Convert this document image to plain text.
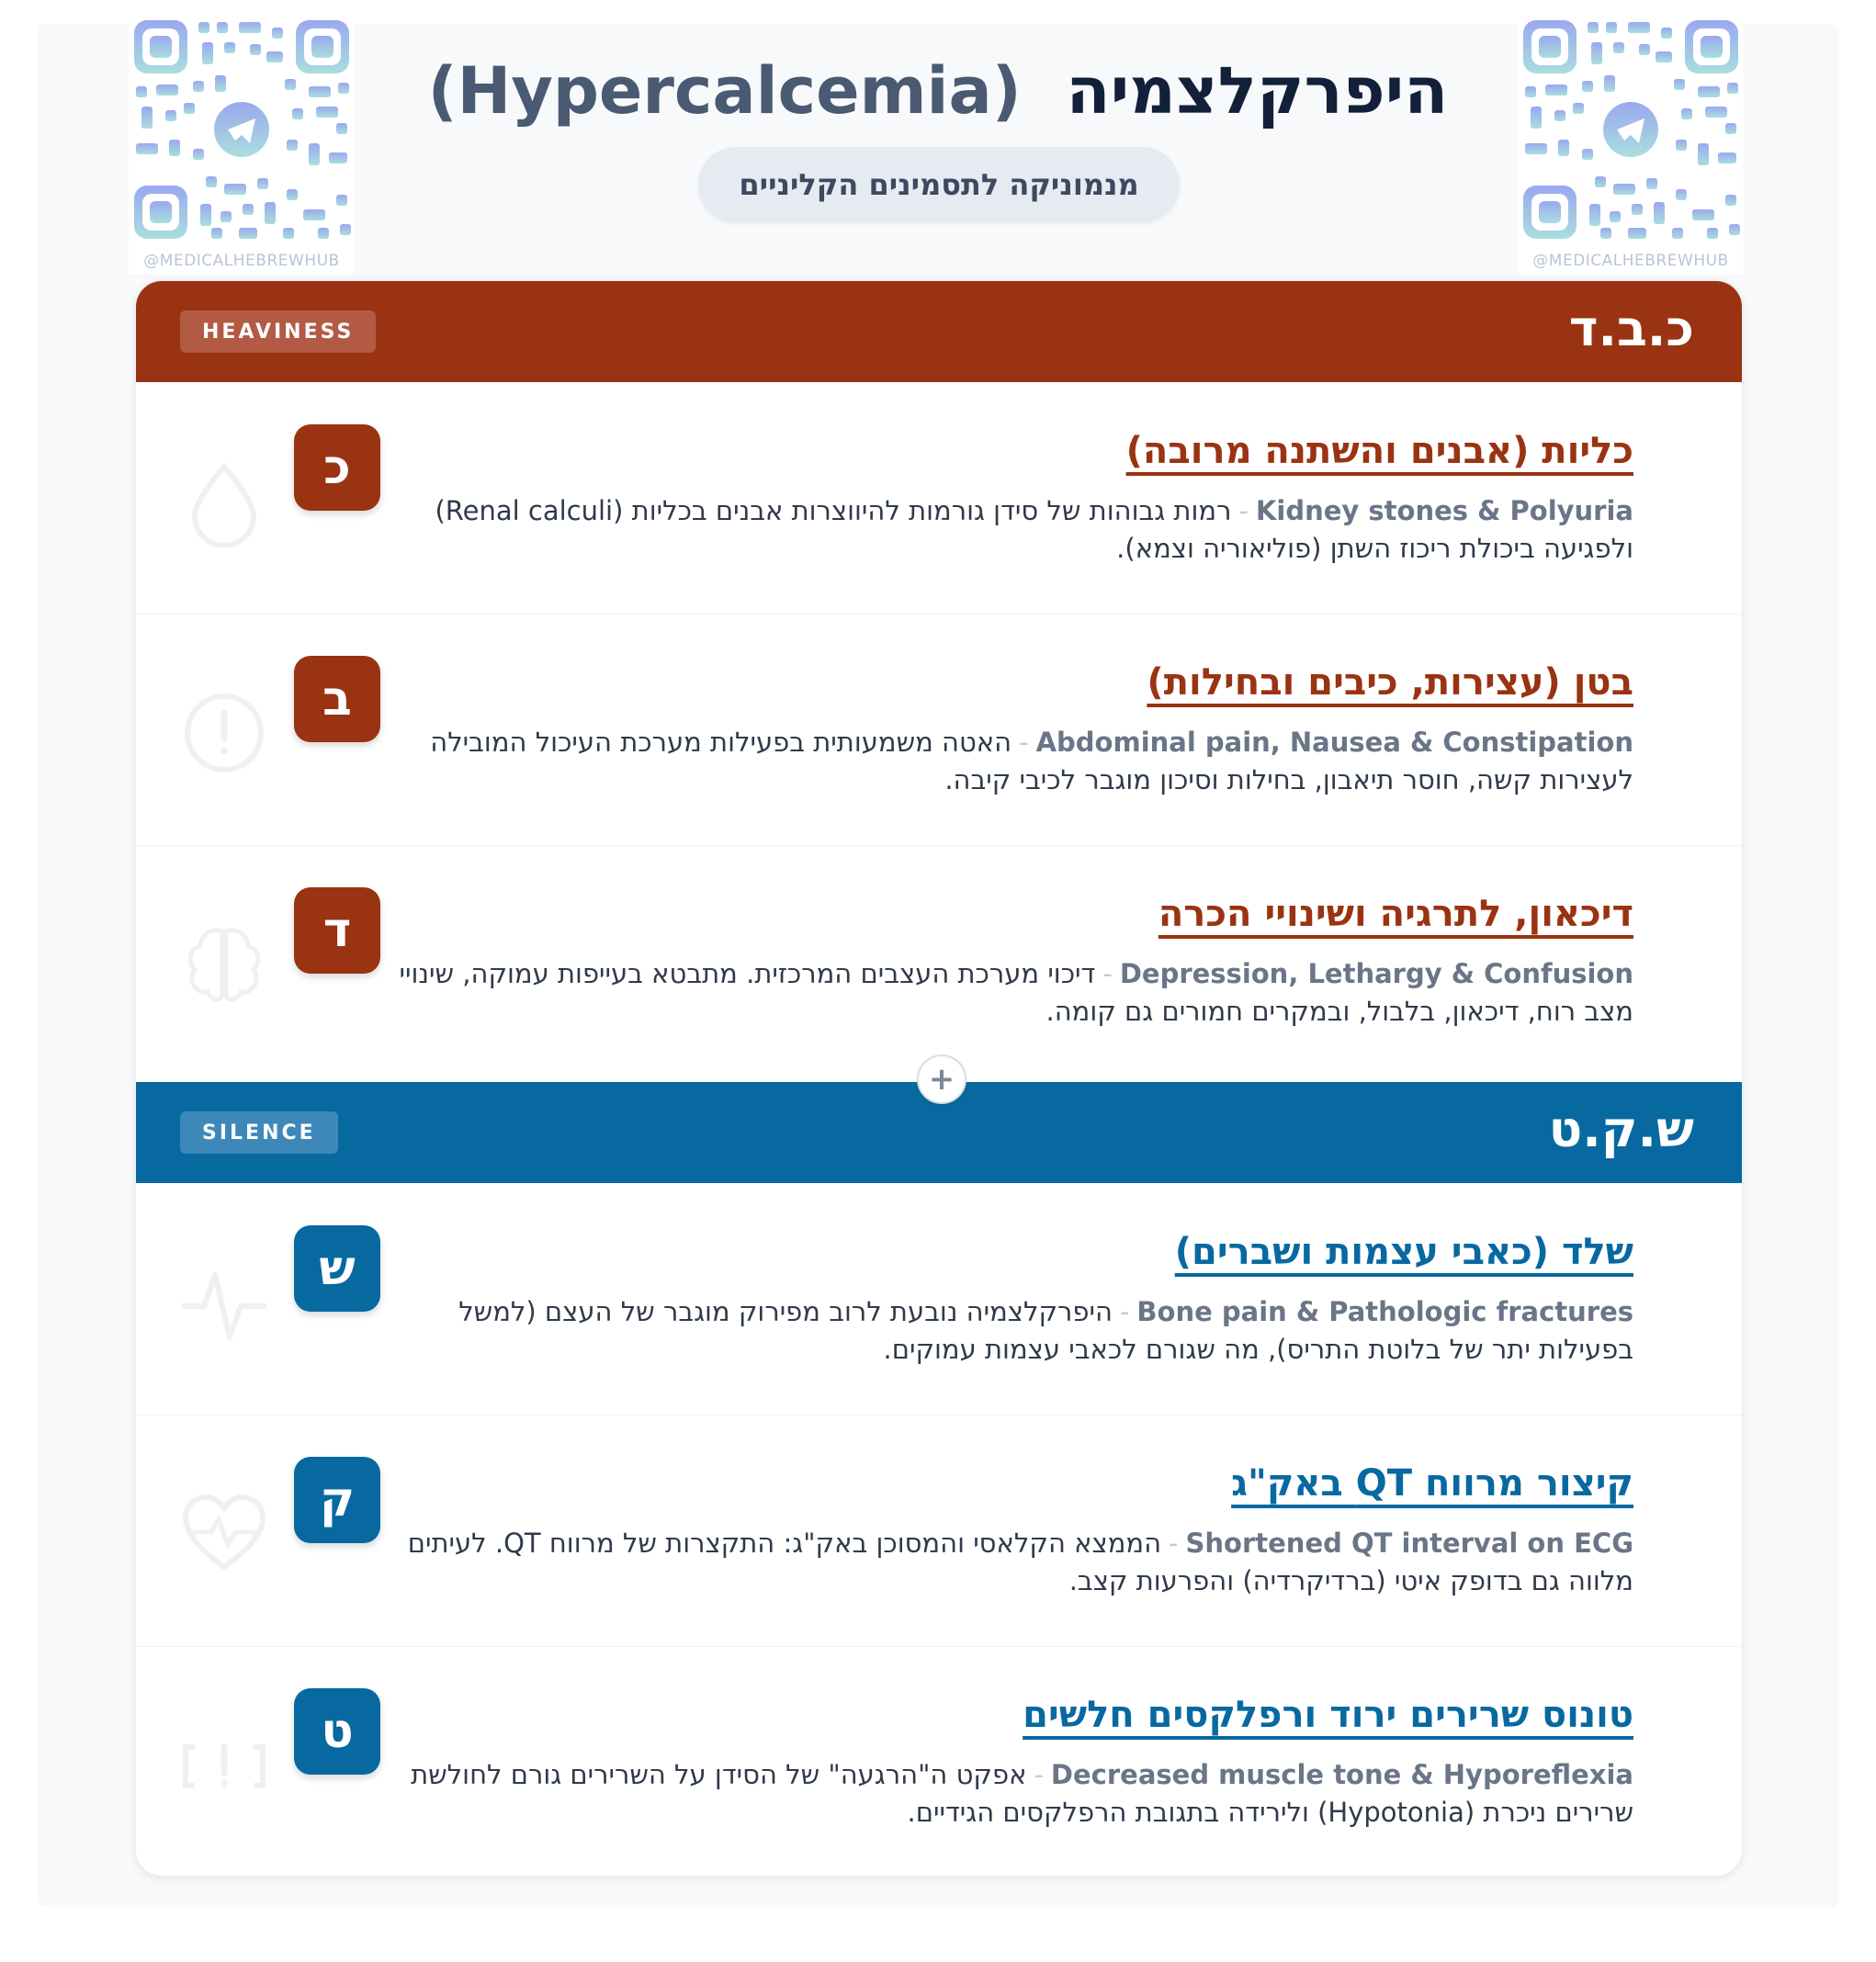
@MEDICALHEBREWHUB	@MEDICALHEBREWHUB
היפרקלצמיה  (Hypercalcemia)
מנמוניקה לתסמינים הקליניים
כ.ב.ד
HEAVINESS
כ	כליות (אבנים והשתנה מרובה)
Kidney stones & Polyuria-רמות גבוהות של סידן גורמות להיווצרות אבנים בכליות (Renal calculi) ולפגיעה ביכולת ריכוז השתן (פוליאוריה וצמא).
ב	בטן (עצירות, כיבים ובחילות)
Abdominal pain, Nausea & Constipation-האטה משמעותית בפעילות מערכת העיכול המובילה לעצירות קשה, חוסר תיאבון, בחילות וסיכון מוגבר לכיבי קיבה.
ד	דיכאון, לתרגיה ושינויי הכרה
Depression, Lethargy & Confusion-דיכוי מערכת העצבים המרכזית. מתבטא בעייפות עמוקה, שינויי מצב רוח, דיכאון, בלבול, ובמקרים חמורים גם קומה.
ש.ק.ט
SILENCE
ש	שלד (כאבי עצמות ושברים)
Bone pain & Pathologic fractures-היפרקלצמיה נובעת לרוב מפירוק מוגבר של העצם (למשל בפעילות יתר של בלוטת התריס), מה שגורם לכאבי עצמות עמוקים.
ק	קיצור מרווח QT באק"ג
Shortened QT interval on ECG-הממצא הקלאסי והמסוכן באק"ג: התקצרות של מרווח QT. לעיתים מלווה גם בדופק איטי (ברדיקרדיה) והפרעות קצב.
ט	טונוס שרירים ירוד ורפלקסים חלשים
Decreased muscle tone & Hyporeflexia-אפקט ה"הרגעה" של הסידן על השרירים גורם לחולשת שרירים ניכרת (Hypotonia) ולירידה בתגובת הרפלקסים הגידיים.
+
